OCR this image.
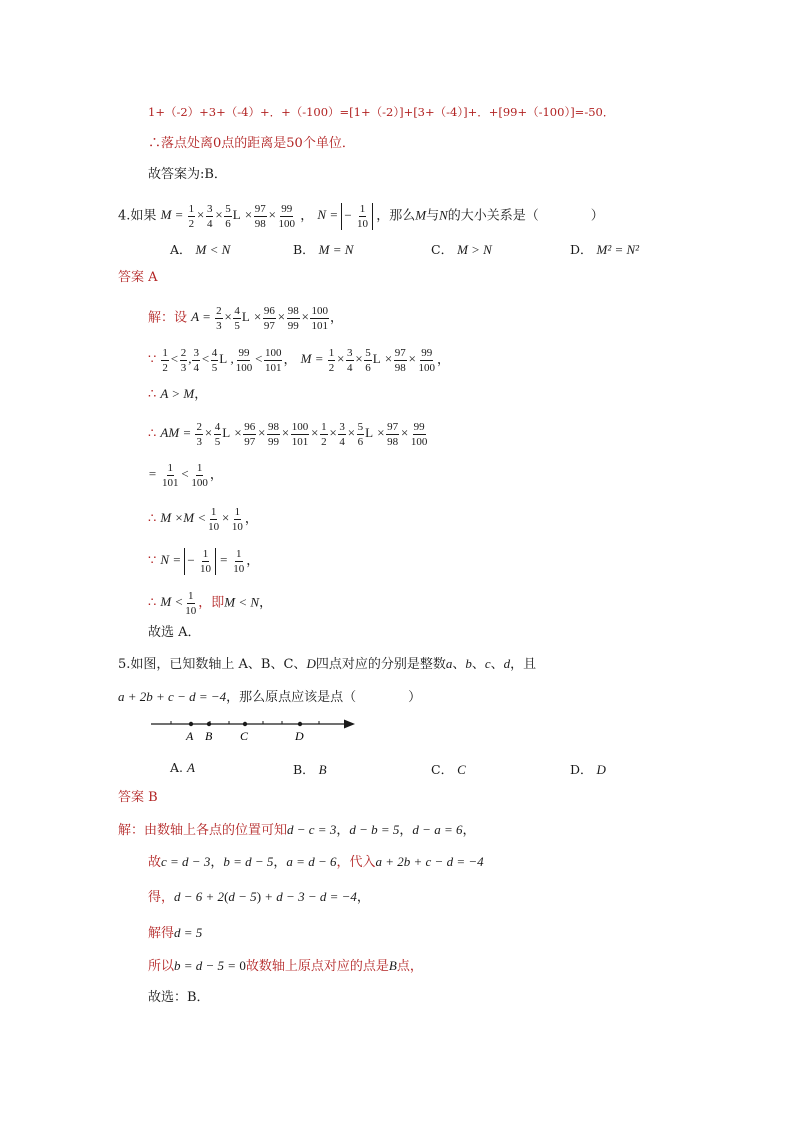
1+（-2）+3+（-4）+．+（-100）=[1+（-2）]+[3+（-4）]+．+[99+（-100）]=-50．
∴落点处离0点的距离是50个单位．
故答案为:B．
4.如果 $M = \frac{1}{2} \times \frac{3}{4} \times \frac{5}{6}$ $L \times \frac{97}{98} \times \frac{99}{100}$ ， N = − $\frac{1}{10}$ ，那么M与N的大小关系是（　　　　）
A． M < N	B． M = N	C． M > N	D． M² = N²
答案 A
解：设 $A = \frac{2}{3} \times \frac{4}{5}$ $L \times \frac{96}{97} \times \frac{98}{99} \times \frac{100}{101}$ ，
∵ $\frac{1}{2} < \frac{2}{3}$ , $\frac{3}{4} < \frac{4}{5}$ L , $\frac{99}{100} < \frac{100}{101}$ ， $M = \frac{1}{2} \times \frac{3}{4} \times \frac{5}{6}$ $L \times \frac{97}{98} \times \frac{99}{100}$ ，
∴ A > M，
∴ AM = $\frac{2}{3} \times \frac{4}{5}$ $L \times \frac{96}{97} \times \frac{98}{99} \times \frac{100}{101} \times \frac{1}{2} \times \frac{3}{4} \times \frac{5}{6}$ $L \times \frac{97}{98} \times \frac{99}{100}$
= $\frac{1}{101} < \frac{1}{100}$ ，
∴ $M \times M < \frac{1}{10} \times \frac{1}{10}$ ，
∵ N = − $\frac{1}{10} = \frac{1}{10}$ ，
∴ $M < \frac{1}{10}$ ，即M < N，
故选 A．
5.如图，已知数轴上 A、B、C、D四点对应的分别是整数a、b、c、d，且
a + 2b + c − d = −4，那么原点应该是点（　　　　）
A B C	D
A. A	B． B	C． C	D． D
答案 B
解：由数轴上各点的位置可知d − c = 3，d − b = 5，d − a = 6，
故c = d − 3，b = d − 5，a = d − 6，代入a + 2b + c − d = −4
得，d − 6 + 2(d − 5) + d − 3 − d = −4，
解得d = 5
所以b = d − 5 = 0故数轴上原点对应的点是B点，
故选：B．
